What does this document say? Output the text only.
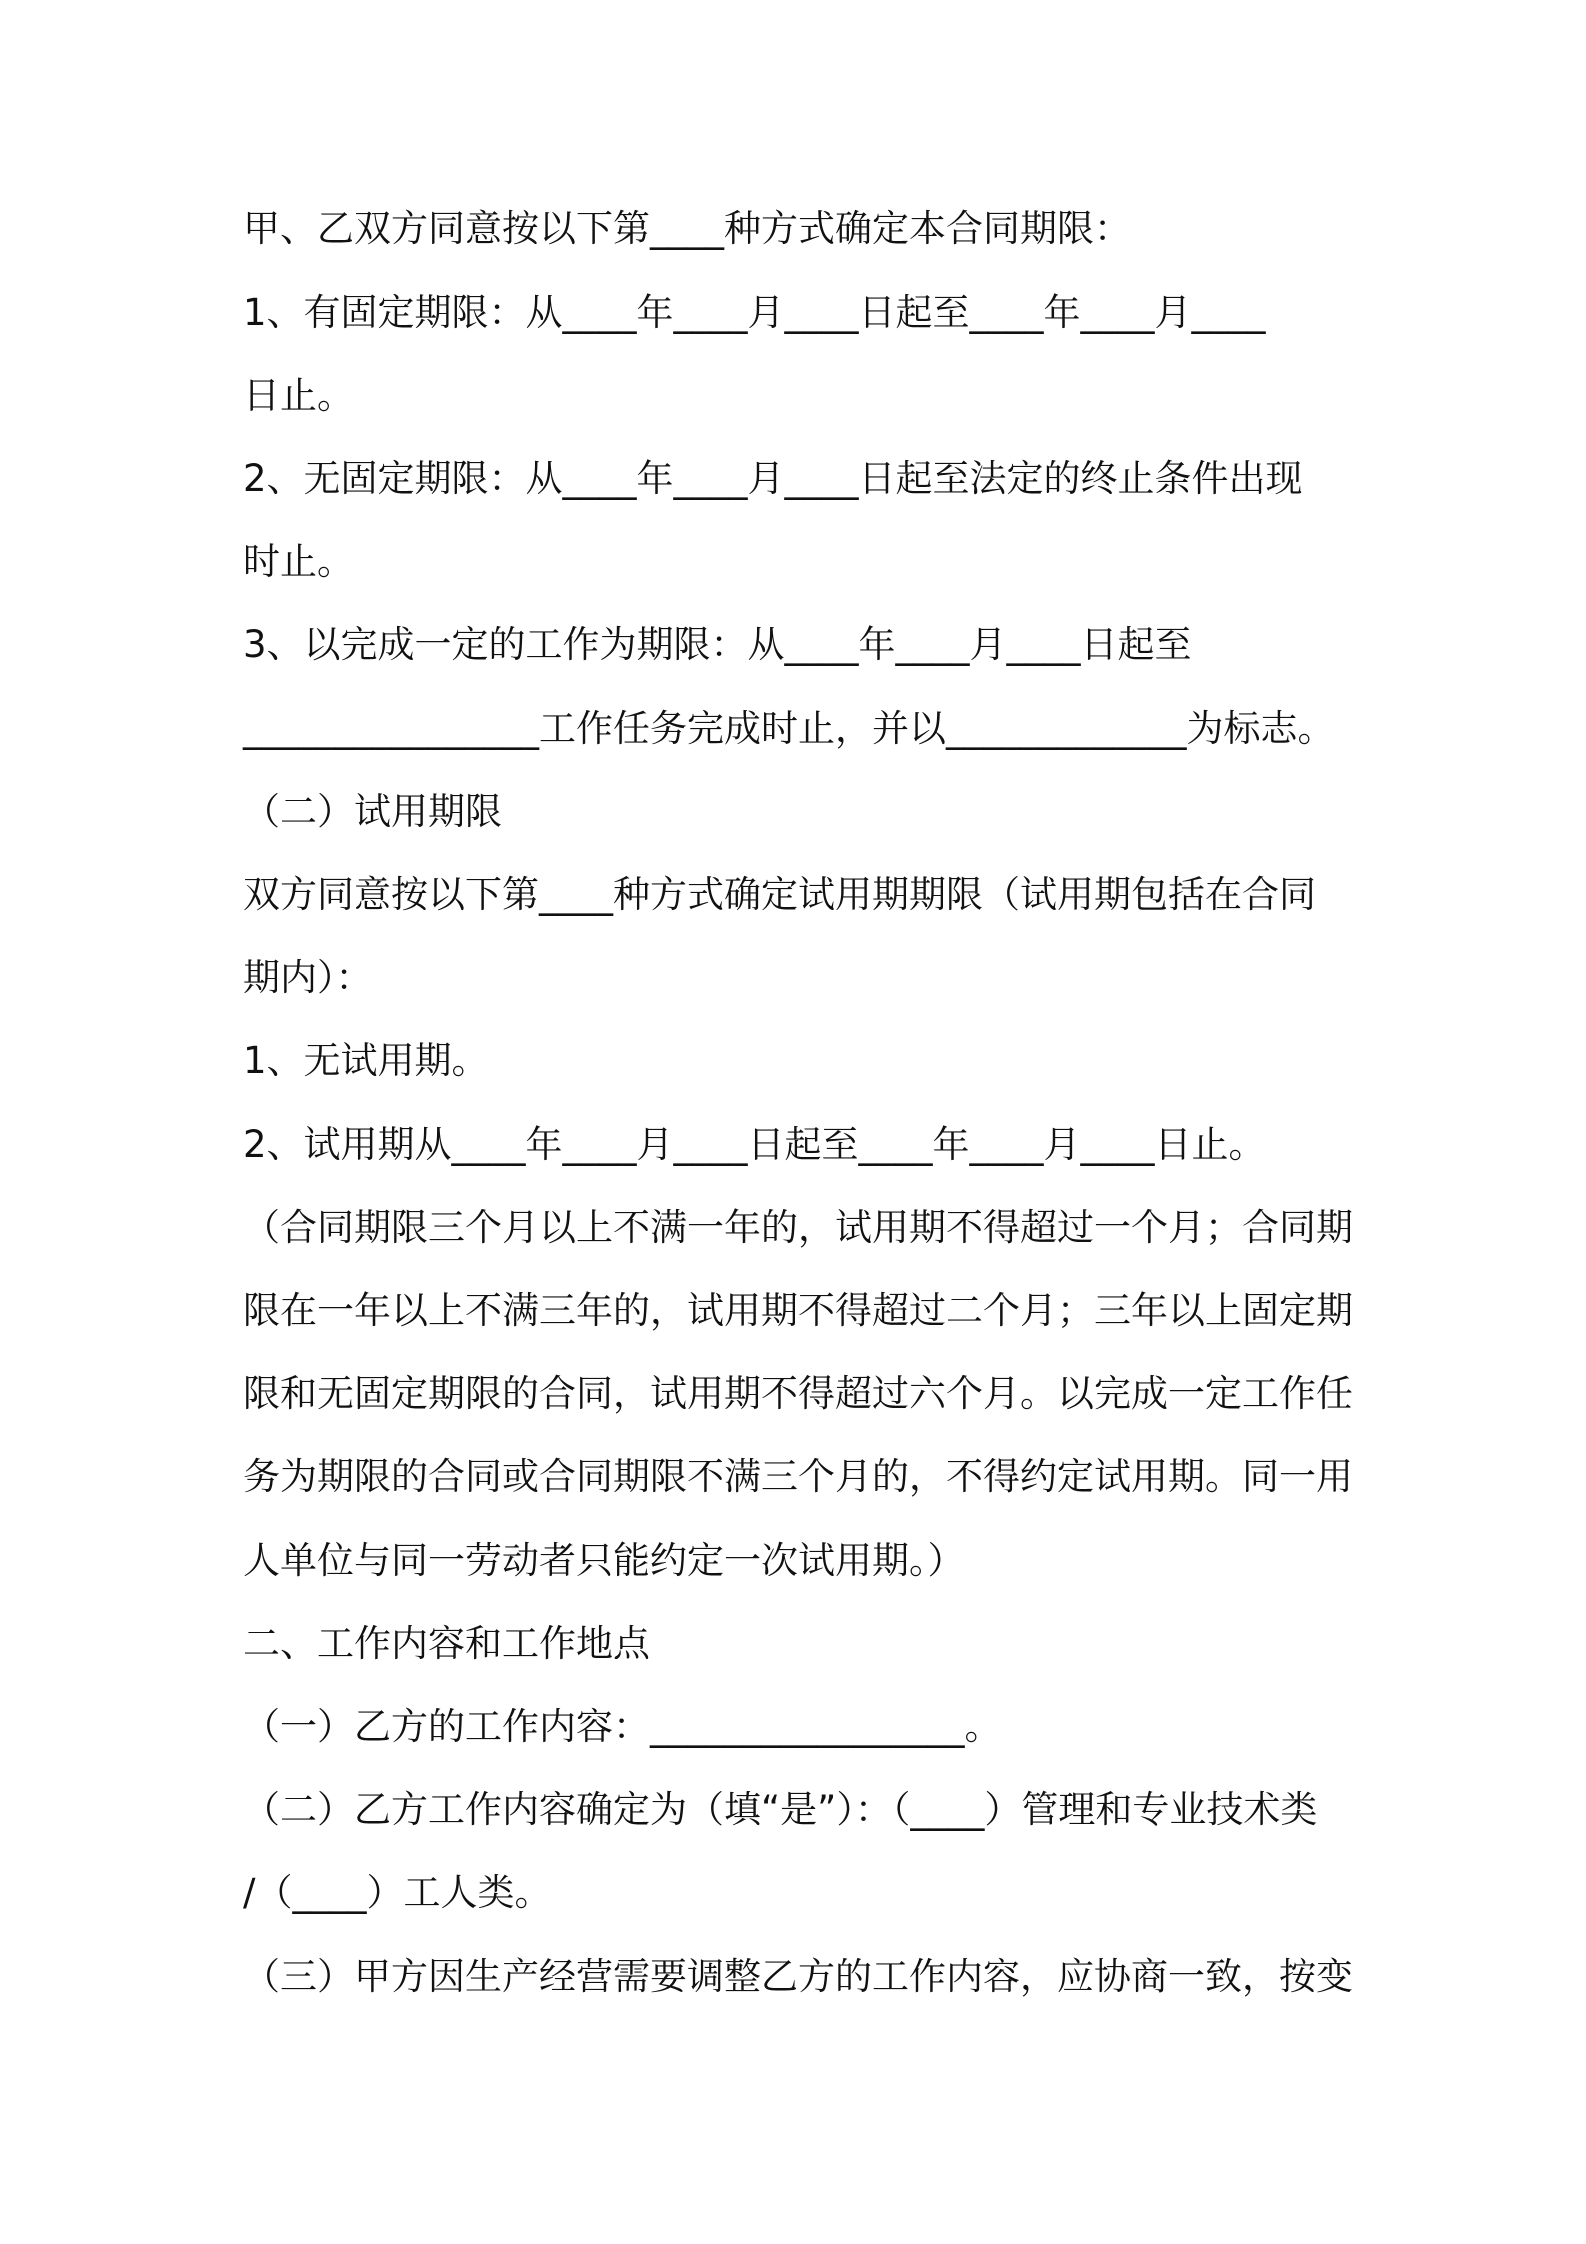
甲、乙双方同意按以下第____种方式确定本合同期限：
1、有固定期限：从____年____月____日起至____年____月____
日止。
2、无固定期限：从____年____月____日起至法定的终止条件出现
时止。
3、以完成一定的工作为期限：从____年____月____日起至
________________工作任务完成时止，并以_____________为标志。
（二）试用期限
双方同意按以下第____种方式确定试用期期限（试用期包括在合同
期内）：
1、无试用期。
2、试用期从____年____月____日起至____年____月____日止。
（合同期限三个月以上不满一年的，试用期不得超过一个月；合同期
限在一年以上不满三年的，试用期不得超过二个月；三年以上固定期
限和无固定期限的合同，试用期不得超过六个月。以完成一定工作任
务为期限的合同或合同期限不满三个月的，不得约定试用期。同一用
人单位与同一劳动者只能约定一次试用期。）
二、工作内容和工作地点
（一）乙方的工作内容：_________________。
（二）乙方工作内容确定为（填“是”）：（____）管理和专业技术类
/（____）工人类。
（三）甲方因生产经营需要调整乙方的工作内容，应协商一致，按变
